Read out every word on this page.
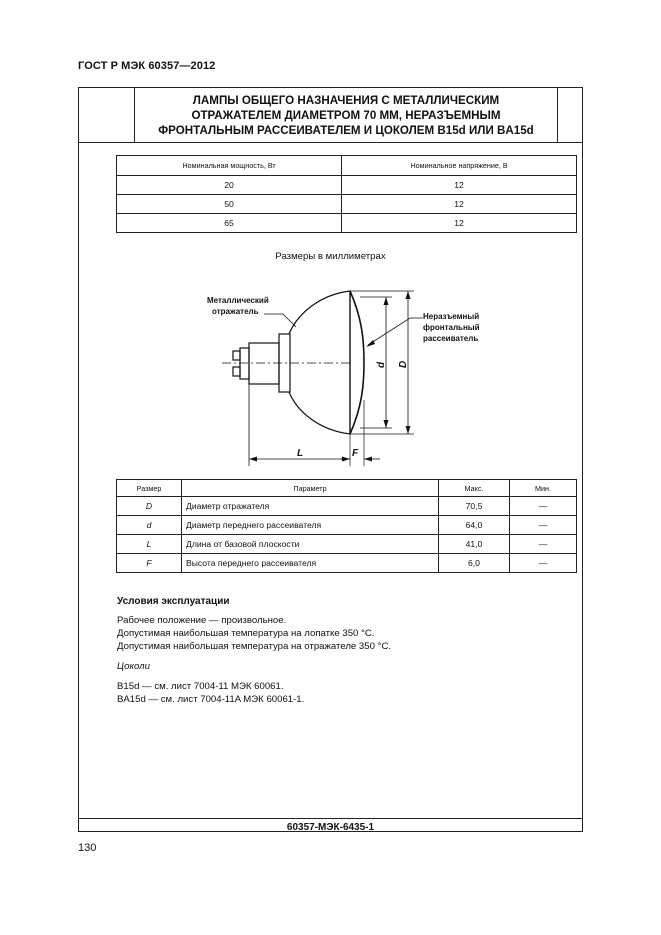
ГОСТ Р МЭК 60357—2012
ЛАМПЫ ОБЩЕГО НАЗНАЧЕНИЯ С МЕТАЛЛИЧЕСКИМ
ОТРАЖАТЕЛЕМ ДИАМЕТРОМ 70 ММ, НЕРАЗЪЕМНЫМ
ФРОНТАЛЬНЫМ РАССЕИВАТЕЛЕМ И ЦОКОЛЕМ B15d ИЛИ BA15d
60357-МЭК-6435-1
Номинальная мощность, Вт	Номинальное напряжение, В
20	12
50	12
65	12
Размеры в миллиметрах
Металлический
отражатель
Неразъемный
фронтальный
рассеиватель
L	F
d D
Размер	Параметр	Макс.	Мин.
D	Диаметр отражателя	70,5	—
d	Диаметр переднего рассеивателя	64,0	—
L	Длина от базовой плоскости	41,0	—
F	Высота переднего рассеивателя	6,0	—
Условия эксплуатации
Рабочее положение — произвольное.
Допустимая наибольшая температура на лопатке 350 °С.
Допустимая наибольшая температура на отражателе 350 °С.
Цоколи
B15d — см. лист 7004-11 МЭК 60061.
BA15d — см. лист 7004-11A МЭК 60061-1.
130
